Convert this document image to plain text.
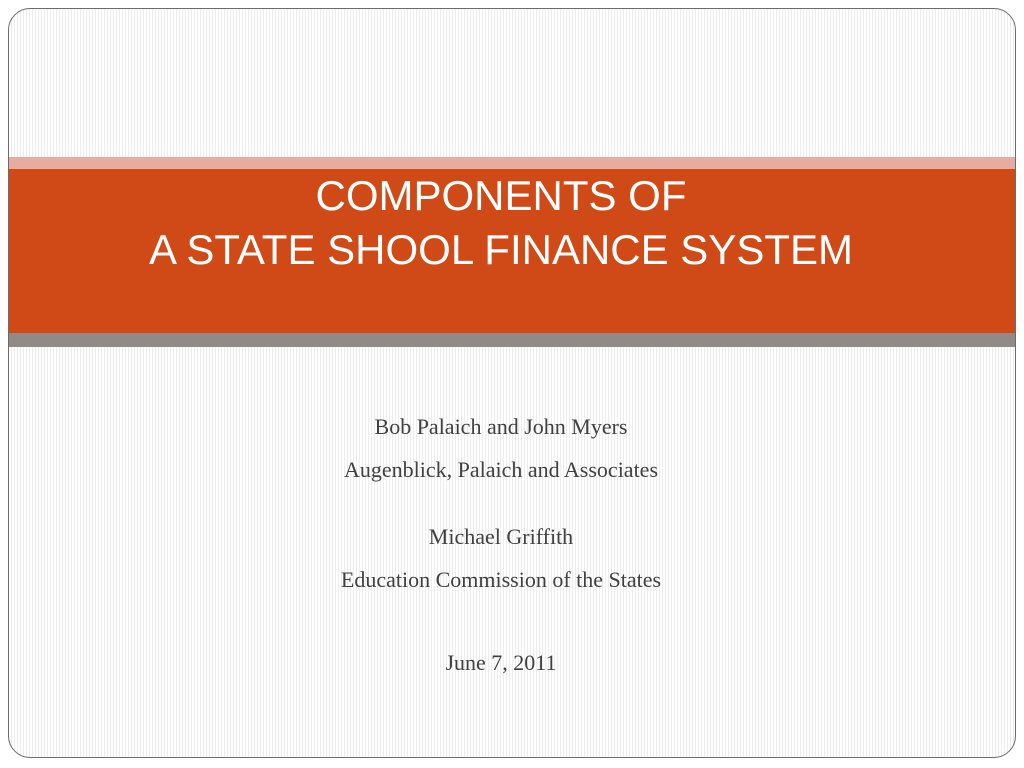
COMPONENTS OF
A STATE SHOOL FINANCE SYSTEM
Bob Palaich and John Myers
Augenblick, Palaich and Associates
Michael Griffith
Education Commission of the States
June 7, 2011
